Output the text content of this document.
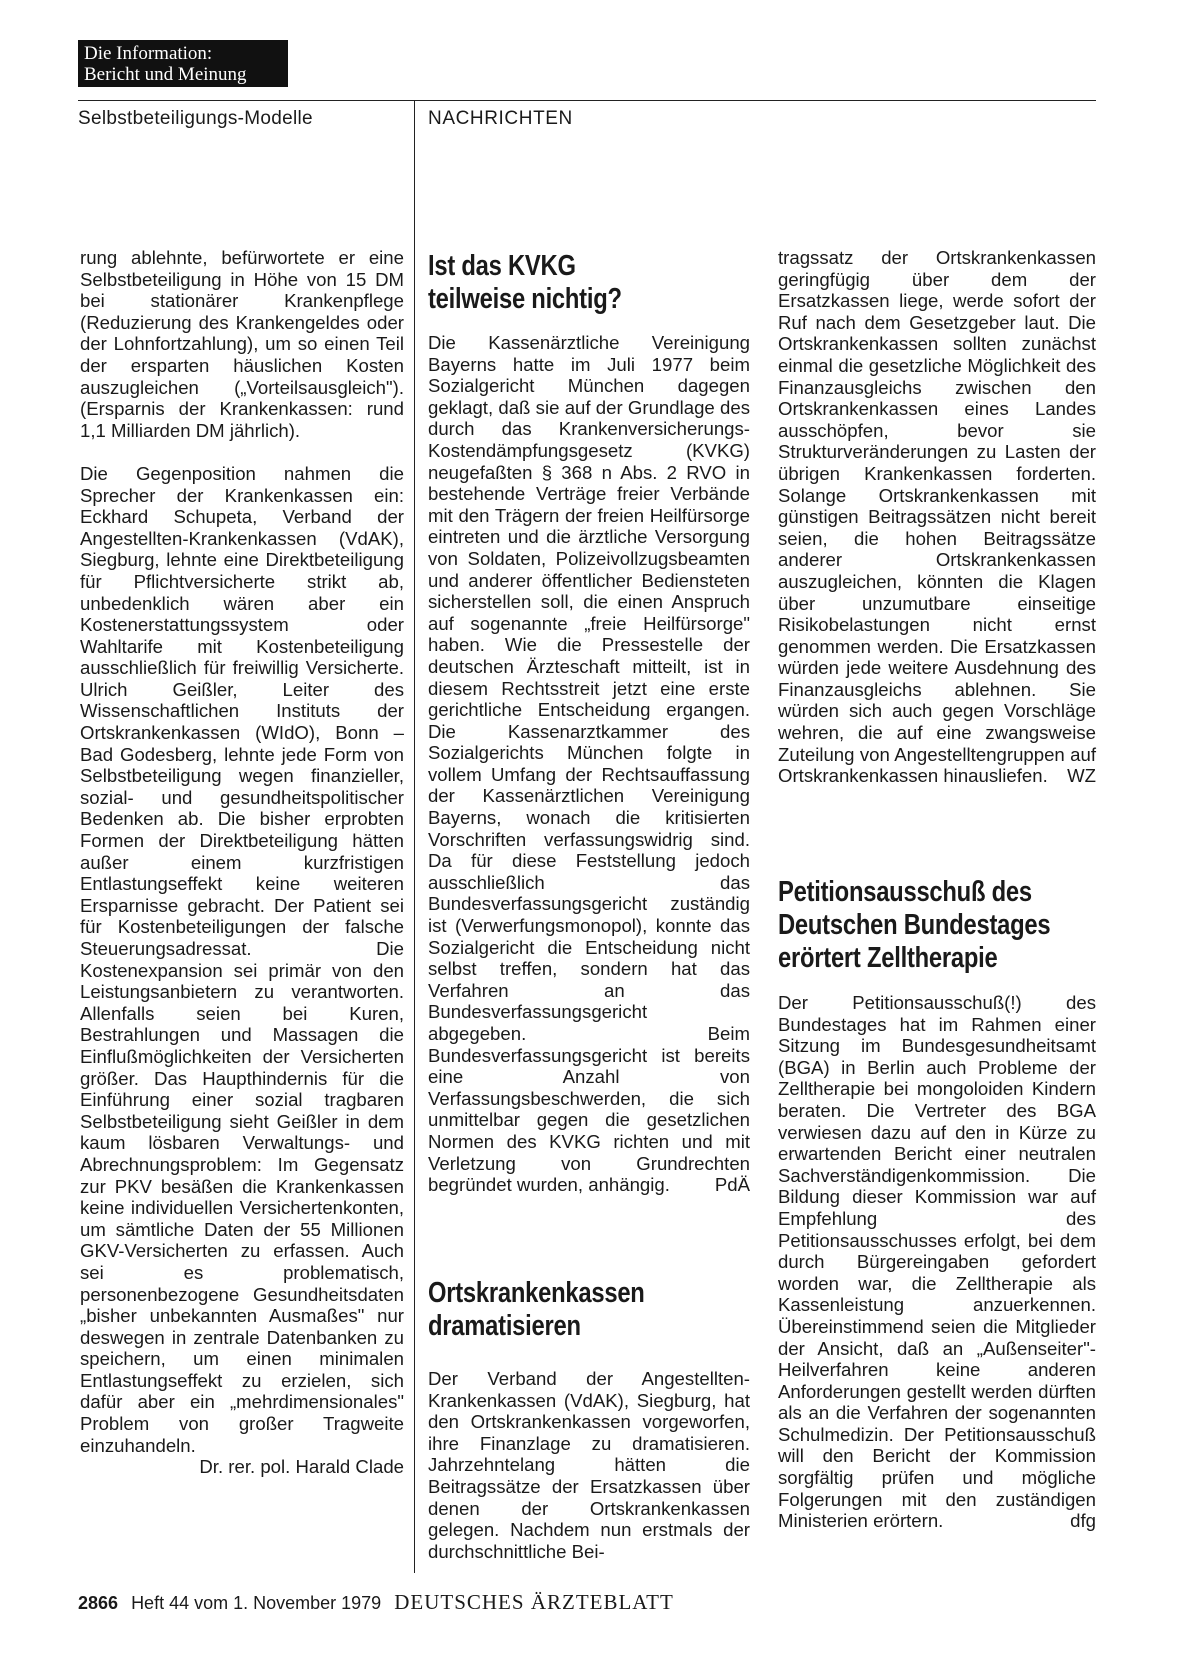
Die Information:
Bericht und Meinung
Selbstbeteiligungs-Modelle	NACHRICHTEN

rung ablehnte, befürwortete er eine Selbstbeteiligung in Höhe von 15 DM bei stationärer Krankenpflege (Reduzierung des Krankengeldes oder der Lohnfortzahlung), um so einen Teil der ersparten häuslichen Kosten auszugleichen („Vorteilsausgleich"). (Ersparnis der Krankenkassen: rund 1,1 Milliarden DM jährlich).

Die Gegenposition nahmen die Sprecher der Krankenkassen ein: Eckhard Schupeta, Verband der Angestellten-Krankenkassen (VdAK), Siegburg, lehnte eine Direktbeteiligung für Pflichtversicherte strikt ab, unbedenklich wären aber ein Kostenerstattungssystem oder Wahltarife mit Kostenbeteiligung ausschließlich für freiwillig Versicherte. Ulrich Geißler, Leiter des Wissenschaftlichen Instituts der Ortskrankenkassen (WIdO), Bonn – Bad Godesberg, lehnte jede Form von Selbstbeteiligung wegen finanzieller, sozial- und gesundheitspolitischer Bedenken ab. Die bisher erprobten Formen der Direktbeteiligung hätten außer einem kurzfristigen Entlastungseffekt keine weiteren Ersparnisse gebracht. Der Patient sei für Kostenbeteiligungen der falsche Steuerungsadressat. Die Kostenexpansion sei primär von den Leistungsanbietern zu verantworten. Allenfalls seien bei Kuren, Bestrahlungen und Massagen die Einflußmöglichkeiten der Versicherten größer. Das Haupthindernis für die Einführung einer sozial tragbaren Selbstbeteiligung sieht Geißler in dem kaum lösbaren Verwaltungs- und Abrechnungsproblem: Im Gegensatz zur PKV besäßen die Krankenkassen keine individuellen Versichertenkonten, um sämtliche Daten der 55 Millionen GKV-Versicherten zu erfassen. Auch sei es problematisch, personenbezogene Gesundheitsdaten „bisher unbekannten Ausmaßes" nur deswegen in zentrale Datenbanken zu speichern, um einen minimalen Entlastungseffekt zu erzielen, sich dafür aber ein „mehrdimensionales" Problem von großer Tragweite einzuhandeln.

Dr. rer. pol. Harald Clade
Ist das KVKG
teilweise nichtig?
Die Kassenärztliche Vereinigung Bayerns hatte im Juli 1977 beim Sozialgericht München dagegen geklagt, daß sie auf der Grundlage des durch das Krankenversicherungs-Kostendämpfungsgesetz (KVKG) neugefaßten § 368 n Abs. 2 RVO in bestehende Verträge freier Verbände mit den Trägern der freien Heilfürsorge eintreten und die ärztliche Versorgung von Soldaten, Polizeivollzugsbeamten und anderer öffentlicher Bediensteten sicherstellen soll, die einen Anspruch auf sogenannte „freie Heilfürsorge" haben. Wie die Pressestelle der deutschen Ärzteschaft mitteilt, ist in diesem Rechtsstreit jetzt eine erste gerichtliche Entscheidung ergangen. Die Kassenarztkammer des Sozialgerichts München folgte in vollem Umfang der Rechtsauffassung der Kassenärztlichen Vereinigung Bayerns, wonach die kritisierten Vorschriften verfassungswidrig sind. Da für diese Feststellung jedoch ausschließlich das Bundesverfassungsgericht zuständig ist (Verwerfungsmonopol), konnte das Sozialgericht die Entscheidung nicht selbst treffen, sondern hat das Verfahren an das Bundesverfassungsgericht abgegeben. Beim Bundesverfassungsgericht ist bereits eine Anzahl von Verfassungsbeschwerden, die sich unmittelbar gegen die gesetzlichen Normen des KVKG richten und mit Verletzung von Grundrechten begründet wurden, anhängig. PdÄ
Ortskrankenkassen
dramatisieren
Der Verband der Angestellten-Krankenkassen (VdAK), Siegburg, hat den Ortskrankenkassen vorgeworfen, ihre Finanzlage zu dramatisieren. Jahrzehntelang hätten die Beitragssätze der Ersatzkassen über denen der Ortskrankenkassen gelegen. Nachdem nun erstmals der durchschnittliche Bei-
tragssatz der Ortskrankenkassen geringfügig über dem der Ersatzkassen liege, werde sofort der Ruf nach dem Gesetzgeber laut. Die Ortskrankenkassen sollten zunächst einmal die gesetzliche Möglichkeit des Finanzausgleichs zwischen den Ortskrankenkassen eines Landes ausschöpfen, bevor sie Strukturveränderungen zu Lasten der übrigen Krankenkassen forderten. Solange Ortskrankenkassen mit günstigen Beitragssätzen nicht bereit seien, die hohen Beitragssätze anderer Ortskrankenkassen auszugleichen, könnten die Klagen über unzumutbare einseitige Risikobelastungen nicht ernst genommen werden. Die Ersatzkassen würden jede weitere Ausdehnung des Finanzausgleichs ablehnen. Sie würden sich auch gegen Vorschläge wehren, die auf eine zwangsweise Zuteilung von Angestelltengruppen auf Ortskrankenkassen hinausliefen. WZ
Petitionsausschuß des
Deutschen Bundestages
erörtert Zelltherapie
Der Petitionsausschuß(!) des Bundestages hat im Rahmen einer Sitzung im Bundesgesundheitsamt (BGA) in Berlin auch Probleme der Zelltherapie bei mongoloiden Kindern beraten. Die Vertreter des BGA verwiesen dazu auf den in Kürze zu erwartenden Bericht einer neutralen Sachverständigenkommission. Die Bildung dieser Kommission war auf Empfehlung des Petitionsausschusses erfolgt, bei dem durch Bürgereingaben gefordert worden war, die Zelltherapie als Kassenleistung anzuerkennen. Übereinstimmend seien die Mitglieder der Ansicht, daß an „Außenseiter"-Heilverfahren keine anderen Anforderungen gestellt werden dürften als an die Verfahren der sogenannten Schulmedizin. Der Petitionsausschuß will den Bericht der Kommission sorgfältig prüfen und mögliche Folgerungen mit den zuständigen Ministerien erörtern.	dfg
2866 Heft 44 vom 1. November 1979 DEUTSCHES ÄRZTEBLATT
